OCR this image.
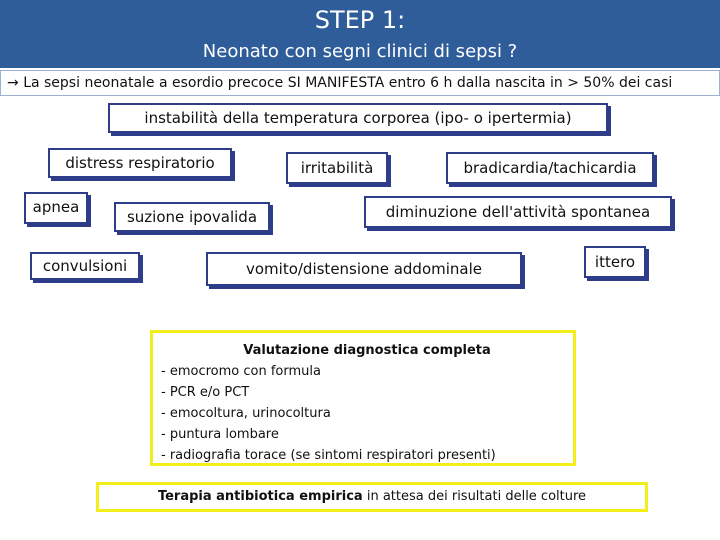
STEP 1:
Neonato con segni clinici di sepsi ?
→ La sepsi neonatale a esordio precoce SI MANIFESTA entro 6 h dalla nascita in > 50% dei casi
instabilità della temperatura corporea (ipo- o ipertermia)
distress respiratorio	irritabilità	bradicardia/tachicardia
apnea
suzione ipovalida	diminuzione dell'attività spontanea
convulsioni	vomito/distensione addominale	ittero
Valutazione diagnostica completa
- emocromo con formula
- PCR e/o PCT
- emocoltura, urinocoltura
- puntura lombare
- radiografia torace (se sintomi respiratori presenti)
Terapia antibiotica empirica in attesa dei risultati delle colture
